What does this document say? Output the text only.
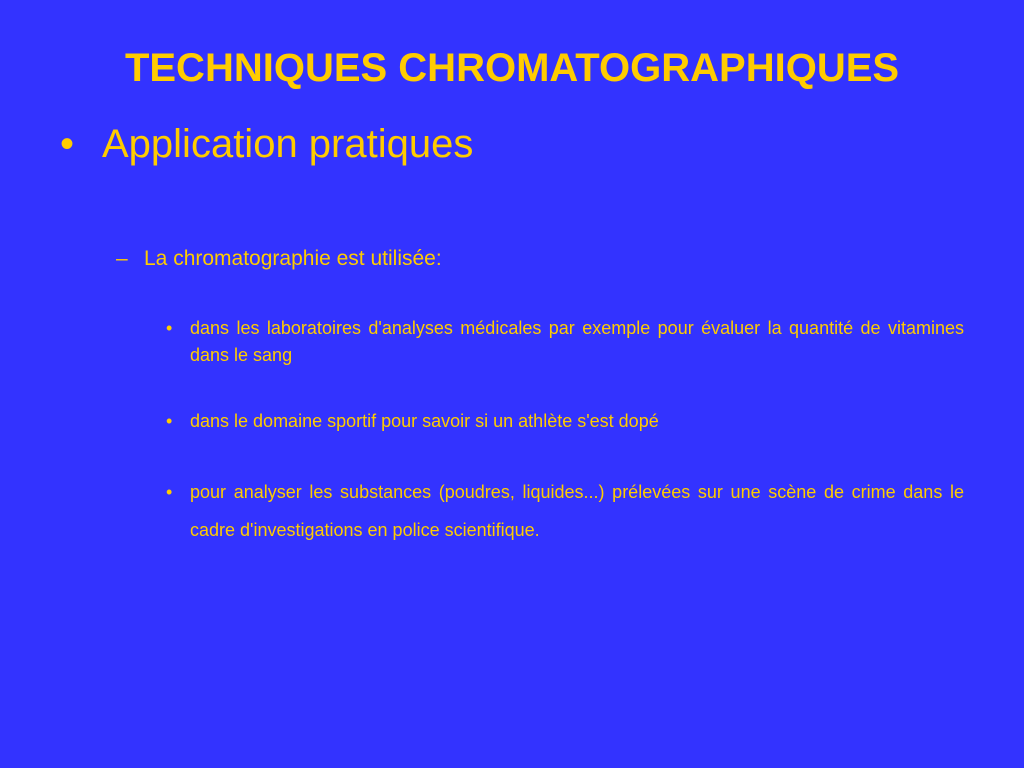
TECHNIQUES CHROMATOGRAPHIQUES
• Application pratiques
– La chromatographie est utilisée:
• dans les laboratoires d'analyses médicales par exemple pour évaluer la quantité de vitamines dans le sang
• dans le domaine sportif pour savoir si un athlète s'est dopé
• pour analyser les substances (poudres, liquides...) prélevées sur une scène de crime dans le cadre d'investigations en police scientifique.
